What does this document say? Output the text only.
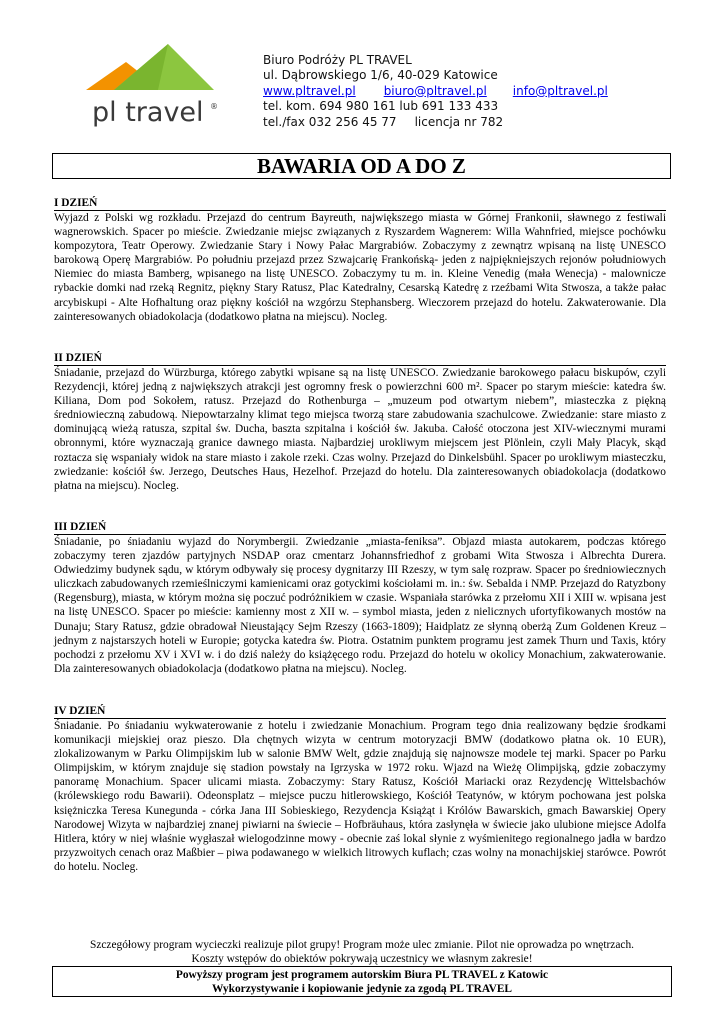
pl travel ®
Biuro Podróży PL TRAVEL
ul. Dąbrowskiego 1/6, 40-029 Katowice
www.pltravel.pl biuro@pltravel.pl info@pltravel.pl
tel. kom. 694 980 161 lub 691 133 433
tel./fax 032 256 45 77 licencja nr 782
BAWARIA OD A DO Z
I DZIEŃ

Wyjazd z Polski wg rozkładu. Przejazd do centrum Bayreuth, największego miasta w Górnej Frankonii, sławnego z festiwali wagnerowskich. Spacer po mieście. Zwiedzanie miejsc związanych z Ryszardem Wagnerem: Willa Wahnfried, miejsce pochówku kompozytora, Teatr Operowy. Zwiedzanie Stary i Nowy Pałac Margrabiów. Zobaczymy z zewnątrz wpisaną na listę UNESCO barokową Operę Margrabiów. Po południu przejazd przez Szwajcarię Frankońską- jeden z najpiękniejszych rejonów południowych Niemiec do miasta Bamberg, wpisanego na listę UNESCO. Zobaczymy tu m. in. Kleine Venedig (mała Wenecja) - malownicze rybackie domki nad rzeką Regnitz, piękny Stary Ratusz, Plac Katedralny, Cesarską Katedrę z rzeźbami Wita Stwosza, a także pałac arcybiskupi - Alte Hofhaltung oraz piękny kościół na wzgórzu Stephansberg. Wieczorem przejazd do hotelu. Zakwaterowanie. Dla zainteresowanych obiadokolacja (dodatkowo płatna na miejscu). Nocleg.

II DZIEŃ

Śniadanie, przejazd do Würzburga, którego zabytki wpisane są na listę UNESCO. Zwiedzanie barokowego pałacu biskupów, czyli Rezydencji, której jedną z największych atrakcji jest ogromny fresk o powierzchni 600 m². Spacer po starym mieście: katedra św. Kiliana, Dom pod Sokołem, ratusz. Przejazd do Rothenburga – „muzeum pod otwartym niebem”, miasteczka z piękną średniowieczną zabudową. Niepowtarzalny klimat tego miejsca tworzą stare zabudowania szachulcowe. Zwiedzanie: stare miasto z dominującą wieżą ratusza, szpital św. Ducha, baszta szpitalna i kościół św. Jakuba. Całość otoczona jest XIV-wiecznymi murami obronnymi, które wyznaczają granice dawnego miasta. Najbardziej urokliwym miejscem jest Plönlein, czyli Mały Placyk, skąd roztacza się wspaniały widok na stare miasto i zakole rzeki. Czas wolny. Przejazd do Dinkelsbühl. Spacer po urokliwym miasteczku, zwiedzanie: kościół św. Jerzego, Deutsches Haus, Hezelhof. Przejazd do hotelu. Dla zainteresowanych obiadokolacja (dodatkowo płatna na miejscu). Nocleg.

III DZIEŃ

Śniadanie, po śniadaniu wyjazd do Norymbergii. Zwiedzanie „miasta-feniksa”. Objazd miasta autokarem, podczas którego zobaczymy teren zjazdów partyjnych NSDAP oraz cmentarz Johannsfriedhof z grobami Wita Stwosza i Albrechta Durera. Odwiedzimy budynek sądu, w którym odbywały się procesy dygnitarzy III Rzeszy, w tym salę rozpraw. Spacer po średniowiecznych uliczkach zabudowanych rzemieślniczymi kamienicami oraz gotyckimi kościołami m. in.: św. Sebalda i NMP. Przejazd do Ratyzbony (Regensburg), miasta, w którym można się poczuć podróżnikiem w czasie. Wspaniała starówka z przełomu XII i XIII w. wpisana jest na listę UNESCO. Spacer po mieście: kamienny most z XII w. – symbol miasta, jeden z nielicznych ufortyfikowanych mostów na Dunaju; Stary Ratusz, gdzie obradował Nieustający Sejm Rzeszy (1663-1809); Haidplatz ze słynną oberżą Zum Goldenen Kreuz – jednym z najstarszych hoteli w Europie; gotycka katedra św. Piotra. Ostatnim punktem programu jest zamek Thurn und Taxis, który pochodzi z przełomu XV i XVI w. i do dziś należy do książęcego rodu. Przejazd do hotelu w okolicy Monachium, zakwaterowanie. Dla zainteresowanych obiadokolacja (dodatkowo płatna na miejscu). Nocleg.

IV DZIEŃ

Śniadanie. Po śniadaniu wykwaterowanie z hotelu i zwiedzanie Monachium. Program tego dnia realizowany będzie środkami komunikacji miejskiej oraz pieszo. Dla chętnych wizyta w centrum motoryzacji BMW (dodatkowo płatna ok. 10 EUR), zlokalizowanym w Parku Olimpijskim lub w salonie BMW Welt, gdzie znajdują się najnowsze modele tej marki. Spacer po Parku Olimpijskim, w którym znajduje się stadion powstały na Igrzyska w 1972 roku. Wjazd na Wieżę Olimpijską, gdzie zobaczymy panoramę Monachium. Spacer ulicami miasta. Zobaczymy: Stary Ratusz, Kościół Mariacki oraz Rezydencję Wittelsbachów (królewskiego rodu Bawarii). Odeonsplatz – miejsce puczu hitlerowskiego, Kościół Teatynów, w którym pochowana jest polska księżniczka Teresa Kunegunda - córka Jana III Sobieskiego, Rezydencja Książąt i Królów Bawarskich, gmach Bawarskiej Opery Narodowej Wizyta w najbardziej znanej piwiarni na świecie – Hofbräuhaus, która zasłynęła w świecie jako ulubione miejsce Adolfa Hitlera, który w niej właśnie wygłaszał wielogodzinne mowy - obecnie zaś lokal słynie z wyśmienitego regionalnego jadła w bardzo przyzwoitych cenach oraz Maßbier – piwa podawanego w wielkich litrowych kuflach; czas wolny na monachijskiej starówce. Powrót do hotelu. Nocleg.

Szczegółowy program wycieczki realizuje pilot grupy! Program może ulec zmianie. Pilot nie oprowadza po wnętrzach.
Koszty wstępów do obiektów pokrywają uczestnicy we własnym zakresie!
Powyższy program jest programem autorskim Biura PL TRAVEL z Katowic
Wykorzystywanie i kopiowanie jedynie za zgodą PL TRAVEL
